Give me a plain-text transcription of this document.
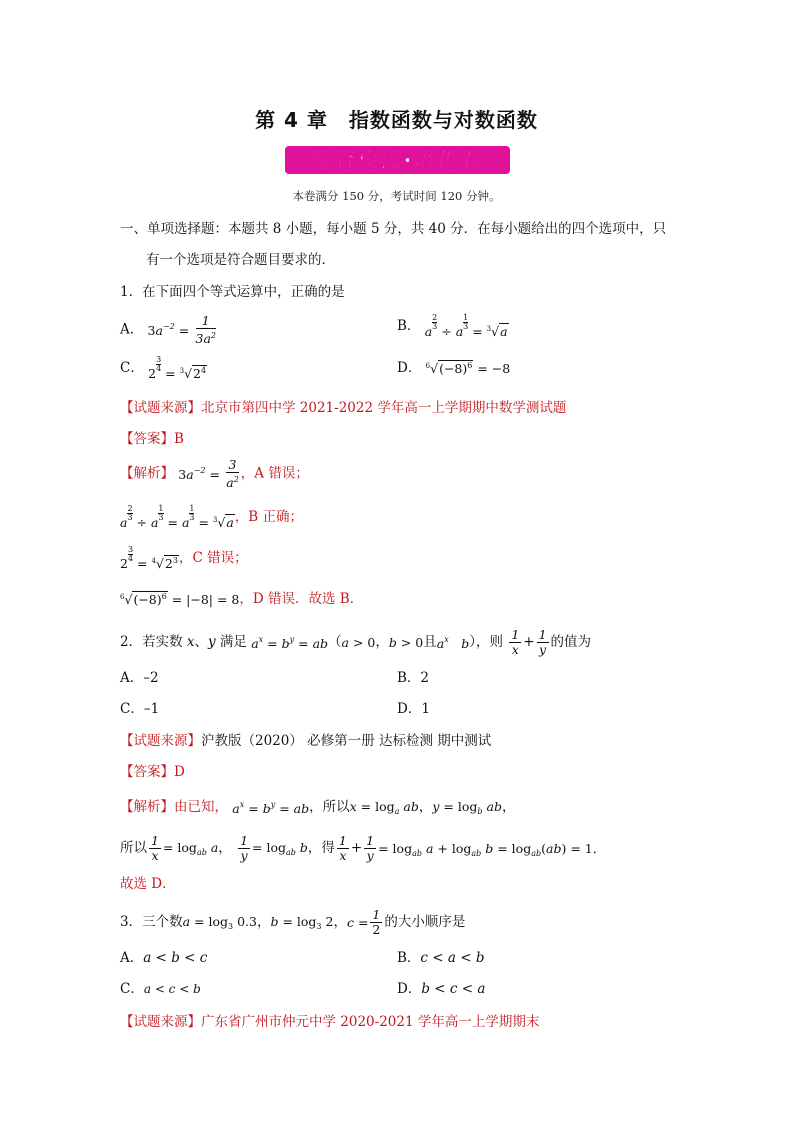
第 4 章　指数函数与对数函数
综合检测·培优卷
本卷满分 150 分，考试时间 120 分钟。
一、单项选择题：本题共 8 小题，每小题 5 分，共 40 分．在每小题给出的四个选项中，只
有一个选项是符合题目要求的．
1．在下面四个等式运算中，正确的是
A． $3a^{-2} = \frac{1}{3a^2}$	B． a
$\frac{2}{3}$
÷ a
$\frac{1}{3}$
= $^3$√a
C． 2
$\frac{3}{4}$
= $^3√2^4$	D． $^6√(-8)^6 = -8$
【试题来源】北京市第四中学 2021-2022 学年高一上学期期中数学测试题
【答案】B
【解析】 $3a^{-2} = \frac{3}{a^2}$ ，A 错误；
a
$\frac{2}{3}$
÷ a
$\frac{1}{3}$
= a
$\frac{1}{3}$
= $^3$√a，B 正确；
2
$\frac{3}{4}$
= $^4√2^3$，C 错误；
$^6√(-8)^6 = |-8| = 8$，D 错误．故选 B．
2．若实数 x、y 满足 $a^x = b^y = ab(a > 0$，b > 0且$a^x$　 b），则 $\frac{1}{x} + \frac{1}{y}$ 的值为
A．–2	B．2
C．–1	D．1
【试题来源】沪教版（2020） 必修第一册 达标检测 期中测试
【答案】D
【解析】由已知， $a^x = b^y$ = ab，所以$x = \log_a$ ab，$y = \log_b$ ab，
所以 $\frac{1}{x} = \log_{ab} a$， $\frac{1}{y} = \log_{ab} b$，得 $\frac{1}{x} + \frac{1}{y} = \log_{ab} a + \log_{ab} b = \log_{ab}(ab) = 1$．
故选 D．
3．三个数$a = \log_3 0.3$，$b = \log_3 2$，$c = \frac{1}{2}$ 的大小顺序是
A．a < b < c	B．c < a < b
C．a < c < b	D．b < c < a
【试题来源】广东省广州市仲元中学 2020-2021 学年高一上学期期末
